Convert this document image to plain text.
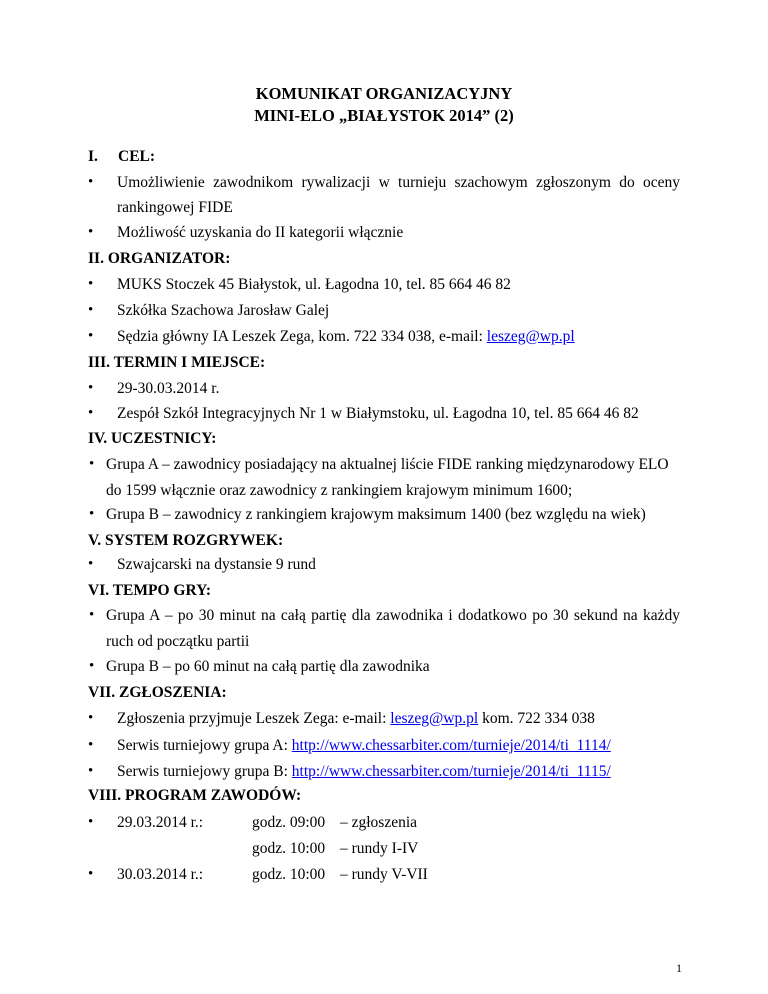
KOMUNIKAT ORGANIZACYJNY
MINI-ELO „BIAŁYSTOK 2014” (2)
I. CEL:
• Umożliwienie zawodnikom rywalizacji w turnieju szachowym zgłoszonym do oceny
rankingowej FIDE
• Możliwość uzyskania do II kategorii włącznie
II. ORGANIZATOR:
• MUKS Stoczek 45 Białystok, ul. Łagodna 10, tel. 85 664 46 82
• Szkółka Szachowa Jarosław Galej
• Sędzia główny IA Leszek Zega, kom. 722 334 038, e-mail: leszeg@wp.pl
III. TERMIN I MIEJSCE:
• 29-30.03.2014 r.
• Zespół Szkół Integracyjnych Nr 1 w Białymstoku, ul. Łagodna 10, tel. 85 664 46 82
IV. UCZESTNICY:
• Grupa A – zawodnicy posiadający na aktualnej liście FIDE ranking międzynarodowy ELO
do 1599 włącznie oraz zawodnicy z rankingiem krajowym minimum 1600;
• Grupa B – zawodnicy z rankingiem krajowym maksimum 1400 (bez względu na wiek)
V. SYSTEM ROZGRYWEK:
• Szwajcarski na dystansie 9 rund
VI. TEMPO GRY:
• Grupa A – po 30 minut na całą partię dla zawodnika i dodatkowo po 30 sekund na każdy
ruch od początku partii
• Grupa B – po 60 minut na całą partię dla zawodnika
VII. ZGŁOSZENIA:
• Zgłoszenia przyjmuje Leszek Zega: e-mail: leszeg@wp.pl kom. 722 334 038
• Serwis turniejowy grupa A: http://www.chessarbiter.com/turnieje/2014/ti_1114/
• Serwis turniejowy grupa B: http://www.chessarbiter.com/turnieje/2014/ti_1115/
VIII. PROGRAM ZAWODÓW:
• 29.03.2014 r.:	godz. 09:00 – zgłoszenia
godz. 10:00 – rundy I-IV
• 30.03.2014 r.:	godz. 10:00 – rundy V-VII
1
